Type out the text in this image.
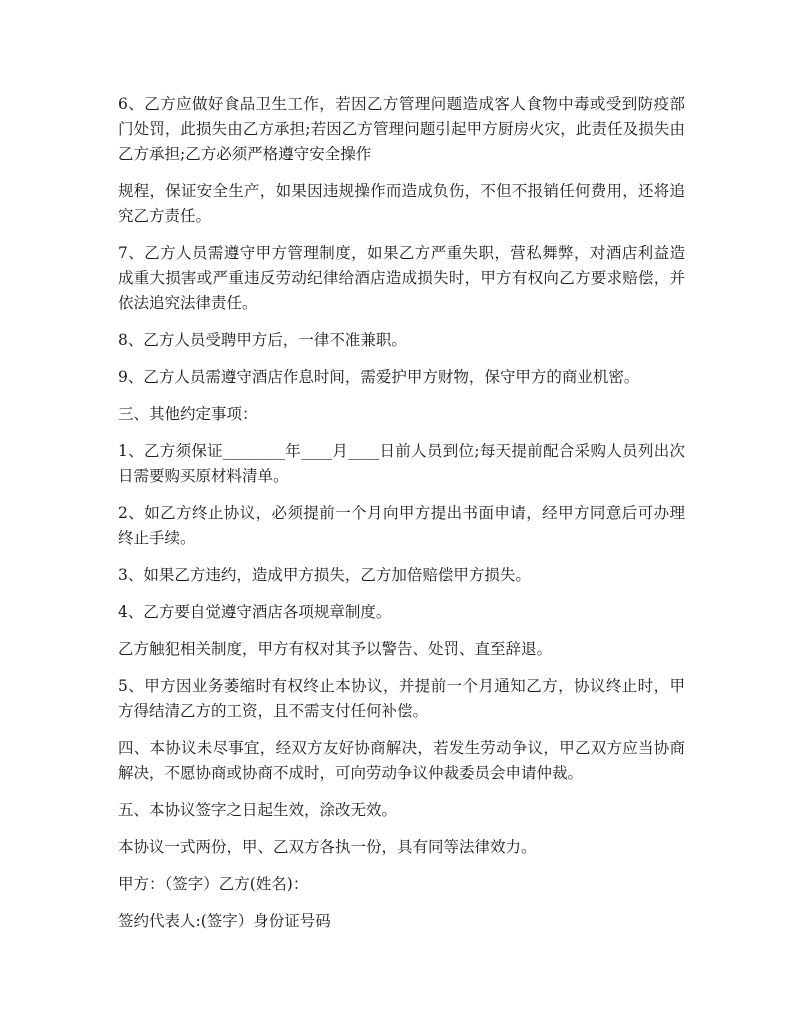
6、乙方应做好食品卫生工作，若因乙方管理问题造成客人食物中毒或受到防疫部门处罚，此损失由乙方承担;若因乙方管理问题引起甲方厨房火灾，此责任及损失由乙方承担;乙方必须严格遵守安全操作

规程，保证安全生产，如果因违规操作而造成负伤，不但不报销任何费用，还将追究乙方责任。

7、乙方人员需遵守甲方管理制度，如果乙方严重失职，营私舞弊，对酒店利益造成重大损害或严重违反劳动纪律给酒店造成损失时，甲方有权向乙方要求赔偿，并依法追究法律责任。

8、乙方人员受聘甲方后，一律不准兼职。

9、乙方人员需遵守酒店作息时间，需爱护甲方财物，保守甲方的商业机密。

三、其他约定事项：

1、乙方须保证________年____月____日前人员到位;每天提前配合采购人员列出次日需要购买原材料清单。

2、如乙方终止协议，必须提前一个月向甲方提出书面申请，经甲方同意后可办理终止手续。

3、如果乙方违约，造成甲方损失，乙方加倍赔偿甲方损失。

4、乙方要自觉遵守酒店各项规章制度。

乙方触犯相关制度，甲方有权对其予以警告、处罚、直至辞退。

5、甲方因业务萎缩时有权终止本协议，并提前一个月通知乙方，协议终止时，甲方得结清乙方的工资，且不需支付任何补偿。

四、本协议未尽事宜，经双方友好协商解决，若发生劳动争议，甲乙双方应当协商解决，不愿协商或协商不成时，可向劳动争议仲裁委员会申请仲裁。

五、本协议签字之日起生效，涂改无效。

本协议一式两份，甲、乙双方各执一份，具有同等法律效力。

甲方：（签字）乙方(姓名)：

签约代表人:(签字）身份证号码
